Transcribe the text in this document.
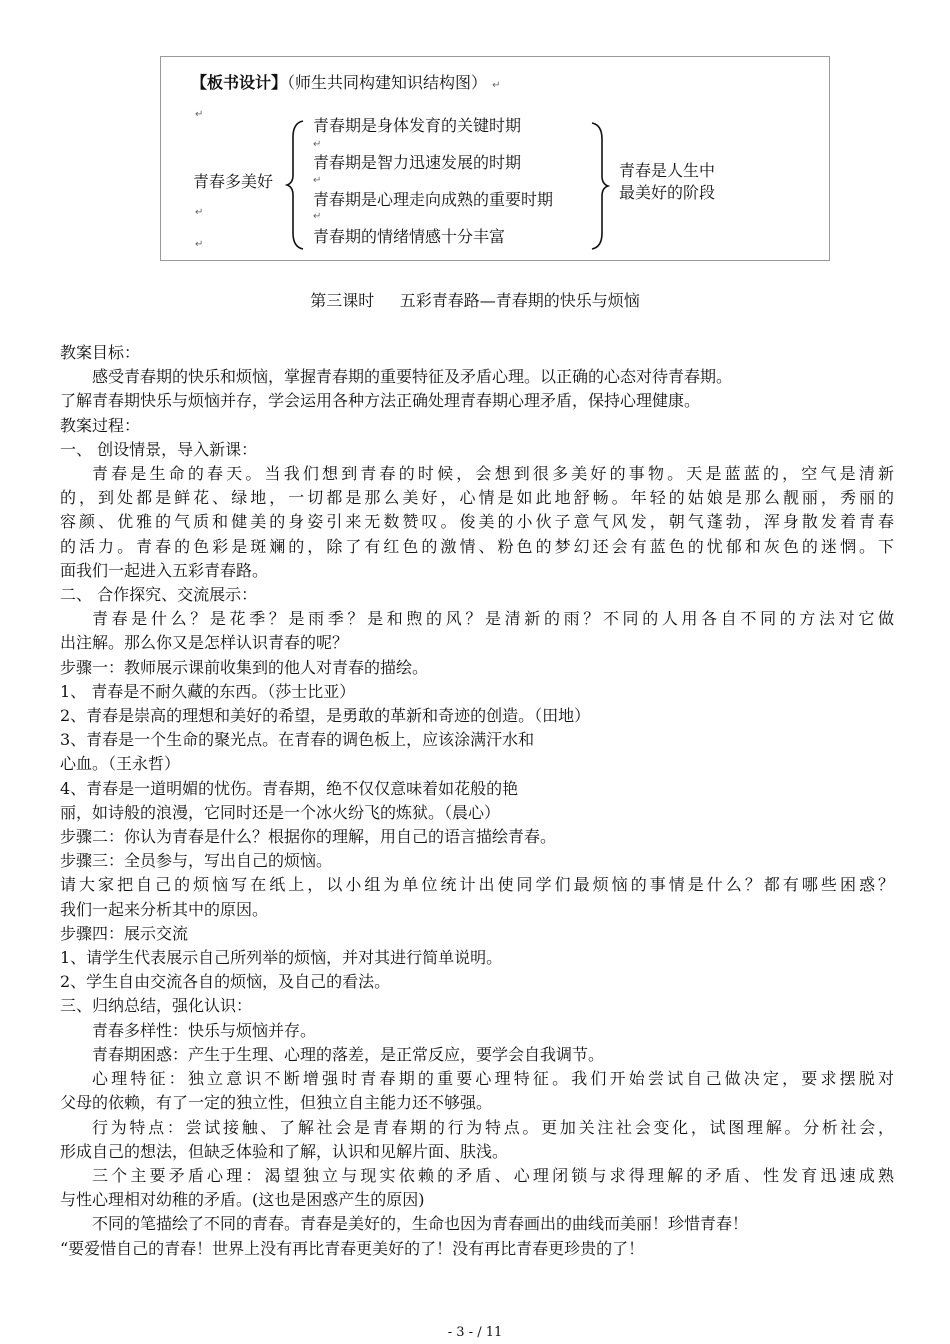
【板书设计】（师生共同构建知识结构图） ↵
↵
↵
↵
↵
↵
↵
青春多美好
青春期是身体发育的关键时期
青春期是智力迅速发展的时期
青春期是心理走向成熟的重要时期
青春期的情绪情感十分丰富
青春是人生中
最美好的阶段
第三课时     五彩青春路—青春期的快乐与烦恼
教案目标：
感受青春期的快乐和烦恼，掌握青春期的重要特征及矛盾心理。以正确的心态对待青春期。
了解青春期快乐与烦恼并存，学会运用各种方法正确处理青春期心理矛盾，保持心理健康。
教案过程：
一、 创设情景，导入新课：
青春是生命的春天。当我们想到青春的时候，会想到很多美好的事物。天是蓝蓝的，空气是清新
的，到处都是鲜花、绿地，一切都是那么美好，心情是如此地舒畅。年轻的姑娘是那么靓丽，秀丽的
容颜、优雅的气质和健美的身姿引来无数赞叹。俊美的小伙子意气风发，朝气蓬勃，浑身散发着青春
的活力。青春的色彩是斑斓的，除了有红色的激情、粉色的梦幻还会有蓝色的忧郁和灰色的迷惘。下
面我们一起进入五彩青春路。
二、 合作探究、交流展示：
青春是什么？是花季？是雨季？是和煦的风？是清新的雨？不同的人用各自不同的方法对它做
出注解。那么你又是怎样认识青春的呢？
步骤一：教师展示课前收集到的他人对青春的描绘。
1、 青春是不耐久藏的东西。（莎士比亚）
2、青春是崇高的理想和美好的希望，是勇敢的革新和奇迹的创造。（田地）
3、青春是一个生命的聚光点。在青春的调色板上，应该涂满汗水和
心血。（王永哲）
4、青春是一道明媚的忧伤。青春期，绝不仅仅意味着如花般的艳
丽，如诗般的浪漫，它同时还是一个冰火纷飞的炼狱。（晨心）
步骤二：你认为青春是什么？根据你的理解，用自己的语言描绘青春。
步骤三：全员参与，写出自己的烦恼。
请大家把自己的烦恼写在纸上，以小组为单位统计出使同学们最烦恼的事情是什么？都有哪些困惑？
我们一起来分析其中的原因。
步骤四：展示交流
1、请学生代表展示自己所列举的烦恼，并对其进行简单说明。
2、学生自由交流各自的烦恼，及自己的看法。
三、归纳总结，强化认识：
青春多样性：快乐与烦恼并存。
青春期困惑：产生于生理、心理的落差，是正常反应，要学会自我调节。
心理特征：独立意识不断增强时青春期的重要心理特征。我们开始尝试自己做决定，要求摆脱对
父母的依赖，有了一定的独立性，但独立自主能力还不够强。
行为特点：尝试接触、了解社会是青春期的行为特点。更加关注社会变化，试图理解。分析社会，
形成自己的想法，但缺乏体验和了解，认识和见解片面、肤浅。
三个主要矛盾心理：渴望独立与现实依赖的矛盾、心理闭锁与求得理解的矛盾、性发育迅速成熟
与性心理相对幼稚的矛盾。(这也是困惑产生的原因)
不同的笔描绘了不同的青春。青春是美好的，生命也因为青春画出的曲线而美丽！珍惜青春！
“要爱惜自己的青春！世界上没有再比青春更美好的了！没有再比青春更珍贵的了！
- 3 - / 11
